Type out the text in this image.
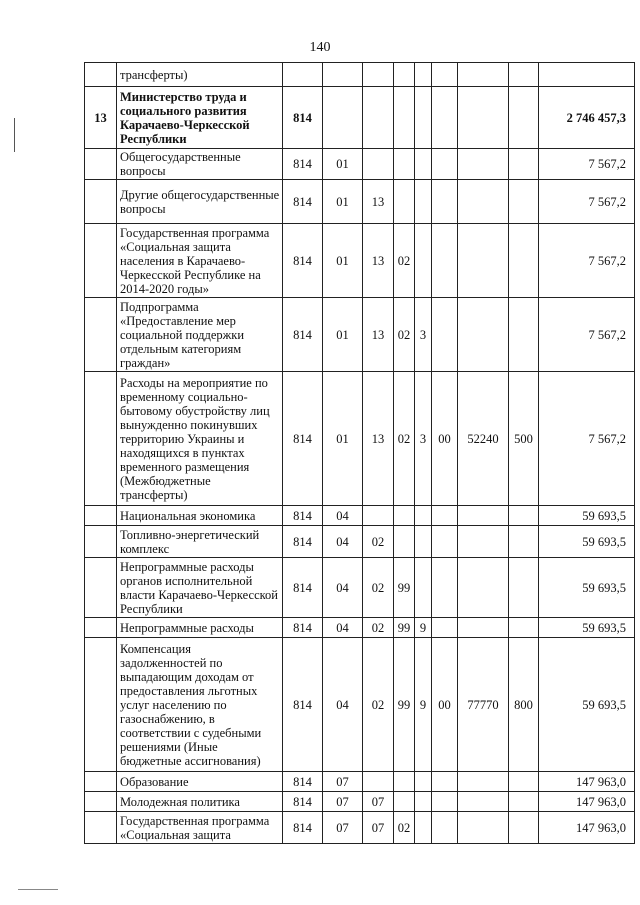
140
	трансферты)									
13	Министерство труда и социального развития Карачаево-Черкесской Республики	814								2 746 457,3
	Общегосударственные вопросы	814	01							7 567,2
	Другие общегосударственные вопросы	814	01	13						7 567,2
	Государственная программа «Социальная защита населения в Карачаево-Черкесской Республике на 2014-2020 годы»	814	01	13	02					7 567,2
	Подпрограмма «Предоставление мер социальной поддержки отдельным категориям граждан»	814	01	13	02	3				7 567,2
	Расходы на мероприятие по временному социально-бытовому обустройству лиц вынужденно покинувших территорию Украины и находящихся в пунктах временного размещения (Межбюджетные трансферты)	814	01	13	02	3	00	52240	500	7 567,2
	Национальная экономика	814	04							59 693,5
	Топливно-энергетический комплекс	814	04	02						59 693,5
	Непрограммные расходы органов исполнительной власти Карачаево-Черкесской Республики	814	04	02	99					59 693,5
	Непрограммные расходы	814	04	02	99	9				59 693,5
	Компенсация задолженностей по выпадающим доходам от предоставления льготных услуг населению по газоснабжению, в соответствии с судебными решениями (Иные бюджетные ассигнования)	814	04	02	99	9	00	77770	800	59 693,5
	Образование	814	07							147 963,0
	Молодежная политика	814	07	07						147 963,0
	Государственная программа «Социальная защита	814	07	07	02					147 963,0
